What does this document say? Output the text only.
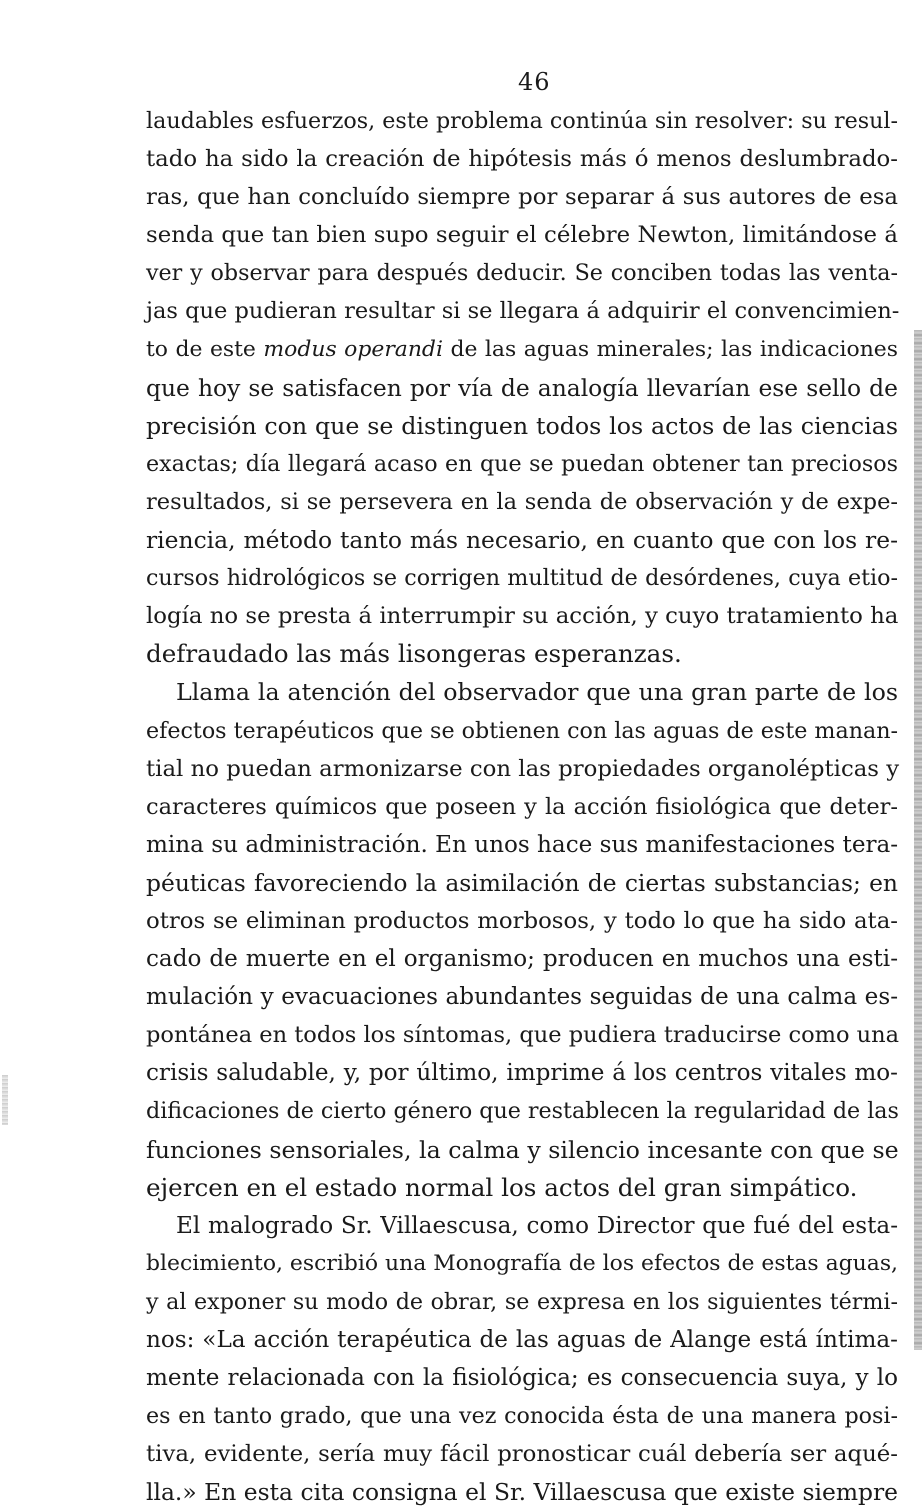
46
laudables esfuerzos, este problema continúa sin resolver: su resul-
tado ha sido la creación de hipótesis más ó menos deslumbrado-
ras, que han concluído siempre por separar á sus autores de esa
senda que tan bien supo seguir el célebre Newton, limitándose á
ver y observar para después deducir. Se conciben todas las venta-
jas que pudieran resultar si se llegara á adquirir el convencimien-
to de este modus operandi de las aguas minerales; las indicaciones
que hoy se satisfacen por vía de analogía llevarían ese sello de
precisión con que se distinguen todos los actos de las ciencias
exactas; día llegará acaso en que se puedan obtener tan preciosos
resultados, si se persevera en la senda de observación y de expe-
riencia, método tanto más necesario, en cuanto que con los re-
cursos hidrológicos se corrigen multitud de desórdenes, cuya etio-
logía no se presta á interrumpir su acción, y cuyo tratamiento ha
defraudado las más lisongeras esperanzas.
Llama la atención del observador que una gran parte de los
efectos terapéuticos que se obtienen con las aguas de este manan-
tial no puedan armonizarse con las propiedades organolépticas y
caracteres químicos que poseen y la acción fisiológica que deter-
mina su administración. En unos hace sus manifestaciones tera-
péuticas favoreciendo la asimilación de ciertas substancias; en
otros se eliminan productos morbosos, y todo lo que ha sido ata-
cado de muerte en el organismo; producen en muchos una esti-
mulación y evacuaciones abundantes seguidas de una calma es-
pontánea en todos los síntomas, que pudiera traducirse como una
crisis saludable, y, por último, imprime á los centros vitales mo-
dificaciones de cierto género que restablecen la regularidad de las
funciones sensoriales, la calma y silencio incesante con que se
ejercen en el estado normal los actos del gran simpático.
El malogrado Sr. Villaescusa, como Director que fué del esta-
blecimiento, escribió una Monografía de los efectos de estas aguas,
y al exponer su modo de obrar, se expresa en los siguientes térmi-
nos: «La acción terapéutica de las aguas de Alange está íntima-
mente relacionada con la fisiológica; es consecuencia suya, y lo
es en tanto grado, que una vez conocida ésta de una manera posi-
tiva, evidente, sería muy fácil pronosticar cuál debería ser aqué-
lla.» En esta cita consigna el Sr. Villaescusa que existe siempre
